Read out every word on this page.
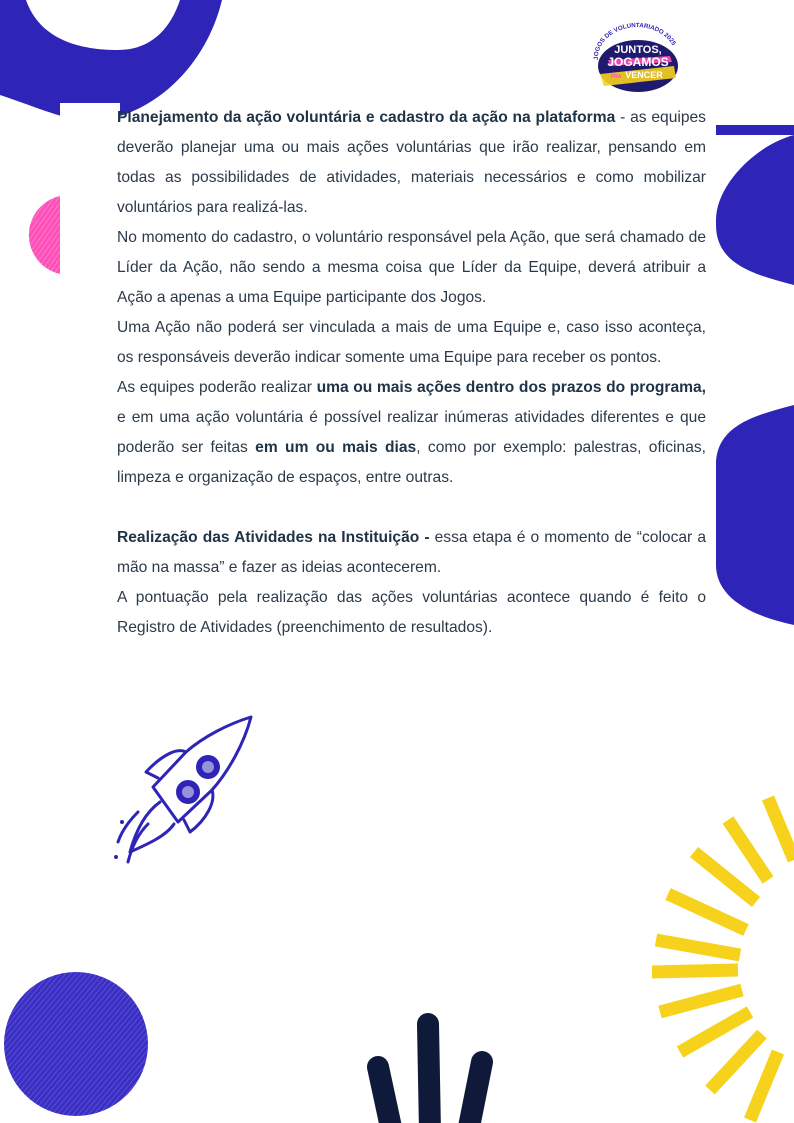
JOGOS DE VOLUNTARIADO 2025
JUNTOS,
JOGAMOS
PRA VENCER

Planejamento da ação voluntária e cadastro da ação na plataforma - as equipes deverão planejar uma ou mais ações voluntárias que irão realizar, pensando em todas as possibilidades de atividades, materiais necessários e como mobilizar voluntários para realizá-las.

No momento do cadastro, o voluntário responsável pela Ação, que será chamado de Líder da Ação, não sendo a mesma coisa que Líder da Equipe, deverá atribuir a Ação a apenas a uma Equipe participante dos Jogos.

Uma Ação não poderá ser vinculada a mais de uma Equipe e, caso isso aconteça, os responsáveis deverão indicar somente uma Equipe para receber os pontos.

As equipes poderão realizar uma ou mais ações dentro dos prazos do programa, e em uma ação voluntária é possível realizar inúmeras atividades diferentes e que poderão ser feitas em um ou mais dias, como por exemplo: palestras, oficinas, limpeza e organização de espaços, entre outras.

Realização das Atividades na Instituição - essa etapa é o momento de “colocar a mão na massa” e fazer as ideias acontecerem.

A pontuação pela realização das ações voluntárias acontece quando é feito o Registro de Atividades (preenchimento de resultados).
